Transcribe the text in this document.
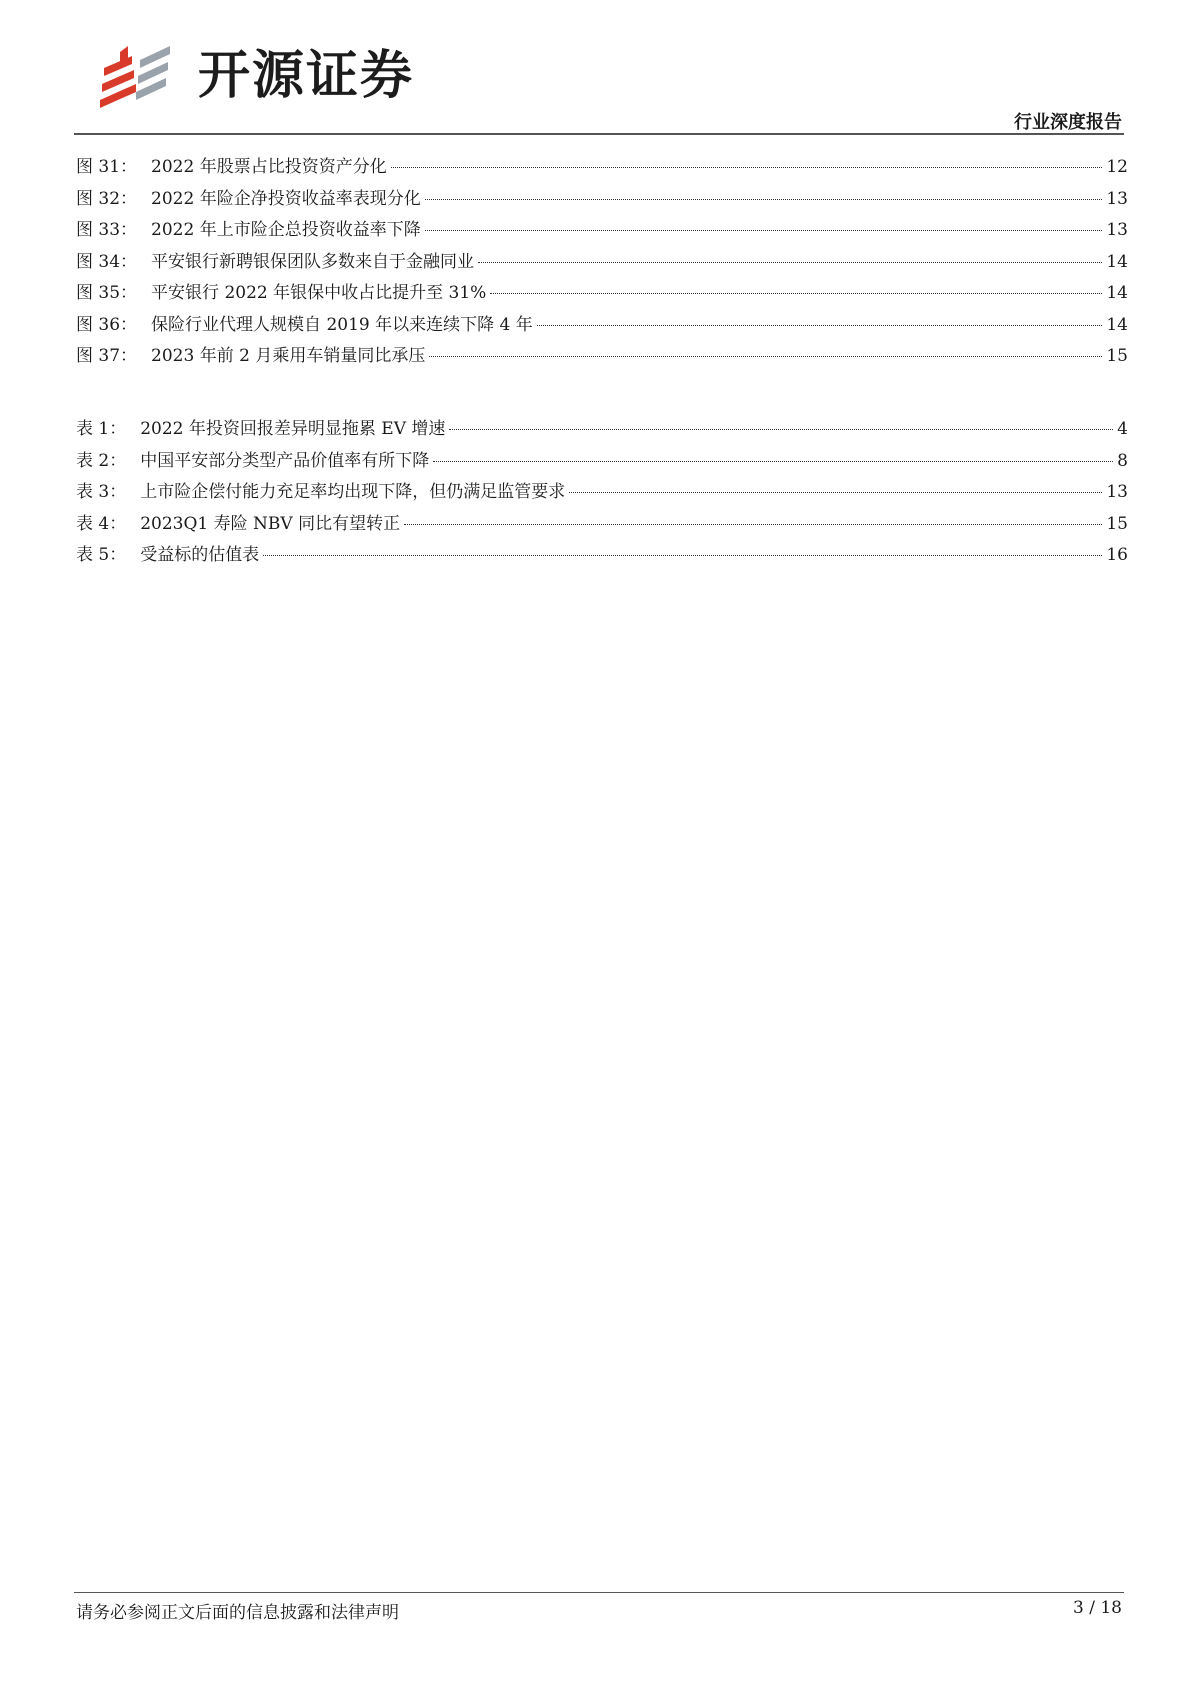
开源证券
行业深度报告
图 31： 2022 年股票占比投资资产分化	12
图 32： 2022 年险企净投资收益率表现分化	13
图 33： 2022 年上市险企总投资收益率下降	13
图 34： 平安银行新聘银保团队多数来自于金融同业	14
图 35： 平安银行 2022 年银保中收占比提升至 31%	14
图 36： 保险行业代理人规模自 2019 年以来连续下降 4 年	14
图 37： 2023 年前 2 月乘用车销量同比承压	15
表 1： 2022 年投资回报差异明显拖累 EV 增速	4
表 2： 中国平安部分类型产品价值率有所下降	8
表 3： 上市险企偿付能力充足率均出现下降，但仍满足监管要求	13
表 4： 2023Q1 寿险 NBV 同比有望转正	15
表 5： 受益标的估值表	16
请务必参阅正文后面的信息披露和法律声明	3 / 18
